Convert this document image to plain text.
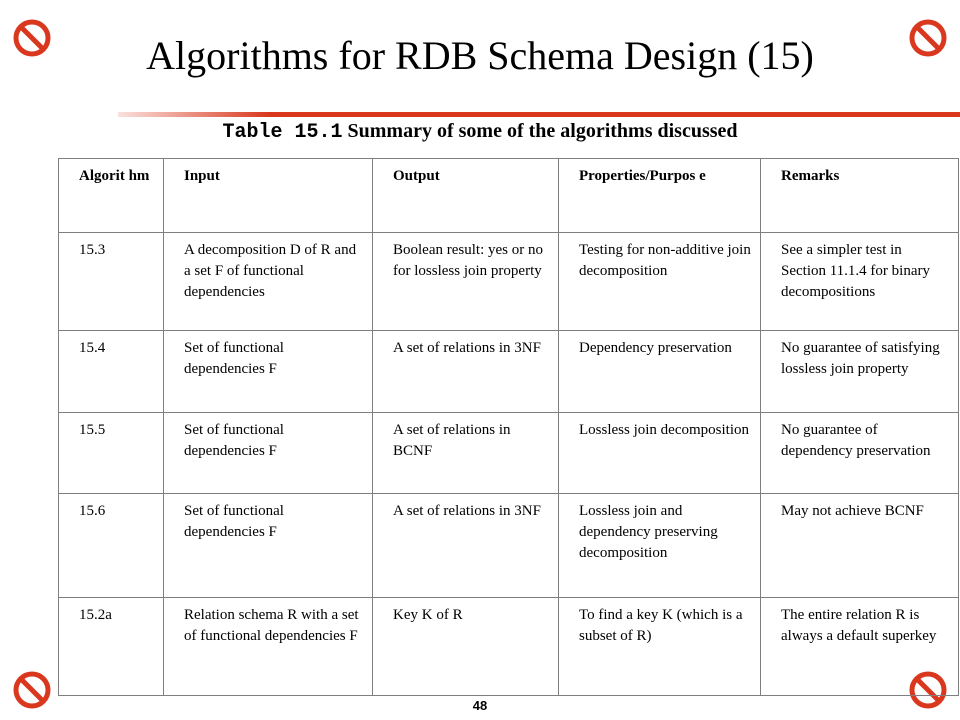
Algorithms for RDB Schema Design (15)
Table 15.1 Summary of some of the algorithms discussed
Algorit hm	Input	Output	Properties/Purpos e	Remarks
15.3	A decomposition D of R and a set F of functional dependencies	Boolean result: yes or no for lossless join property	Testing for non-additive join decomposition	See a simpler test in Section 11.1.4 for binary decompositions
15.4	Set of functional dependencies F	A set of relations in 3NF	Dependency preservation	No guarantee of satisfying lossless join property
15.5	Set of functional dependencies F	A set of relations in BCNF	Lossless join decomposition	No guarantee of dependency preservation
15.6	Set of functional dependencies F	A set of relations in 3NF	Lossless join and dependency preserving decomposition	May not achieve BCNF
15.2a	Relation schema R with a set of functional dependencies F	Key K of R	To find a key K (which is a subset of R)	The entire relation R is always a default superkey
48
